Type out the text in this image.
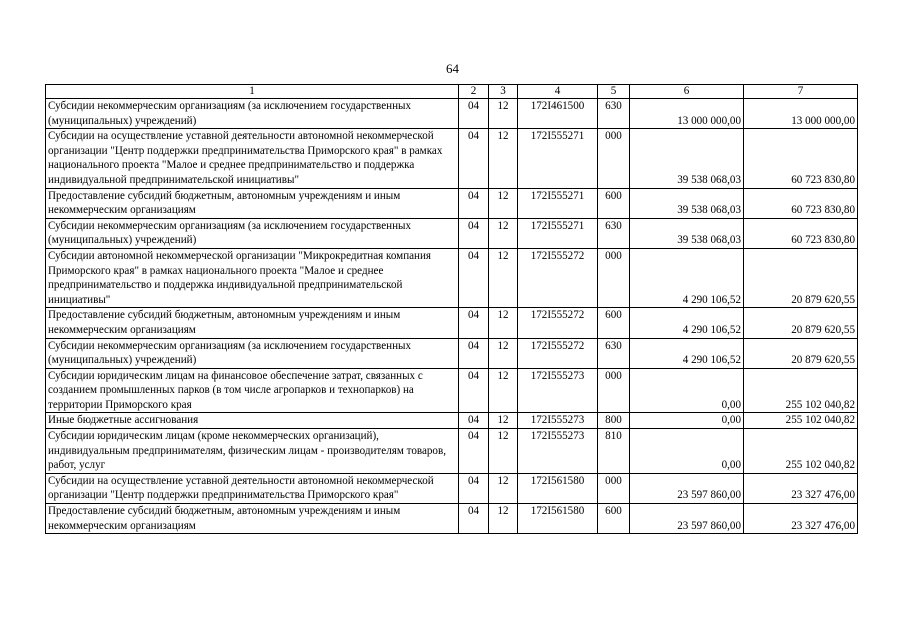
64
1	2	3	4	5	6	7
Субсидии некоммерческим организациям (за исключением государственных (муниципальных) учреждений)	04	12	172I461500	630	13 000 000,00	13 000 000,00
Субсидии на осуществление уставной деятельности автономной некоммерческой организации "Центр поддержки предпринимательства Приморского края" в рамках национального проекта "Малое и среднее предпринимательство и поддержка индивидуальной предпринимательской инициативы"	04	12	172I555271	000	39 538 068,03	60 723 830,80
Предоставление субсидий бюджетным, автономным учреждениям и иным некоммерческим организациям	04	12	172I555271	600	39 538 068,03	60 723 830,80
Субсидии некоммерческим организациям (за исключением государственных (муниципальных) учреждений)	04	12	172I555271	630	39 538 068,03	60 723 830,80
Субсидии автономной некоммерческой организации "Микрокредитная компания Приморского края" в рамках национального проекта "Малое и среднее предпринимательство и поддержка индивидуальной предпринимательской инициативы"	04	12	172I555272	000	4 290 106,52	20 879 620,55
Предоставление субсидий бюджетным, автономным учреждениям и иным некоммерческим организациям	04	12	172I555272	600	4 290 106,52	20 879 620,55
Субсидии некоммерческим организациям (за исключением государственных (муниципальных) учреждений)	04	12	172I555272	630	4 290 106,52	20 879 620,55
Субсидии юридическим лицам на финансовое обеспечение затрат, связанных с созданием промышленных парков (в том числе агропарков и технопарков) на территории Приморского края	04	12	172I555273	000	0,00	255 102 040,82
Иные бюджетные ассигнования	04	12	172I555273	800	0,00	255 102 040,82
Субсидии юридическим лицам (кроме некоммерческих организаций), индивидуальным предпринимателям, физическим лицам - производителям товаров, работ, услуг	04	12	172I555273	810	0,00	255 102 040,82
Субсидии на осуществление уставной деятельности автономной некоммерческой организации "Центр поддержки предпринимательства Приморского края"	04	12	172I561580	000	23 597 860,00	23 327 476,00
Предоставление субсидий бюджетным, автономным учреждениям и иным некоммерческим организациям	04	12	172I561580	600	23 597 860,00	23 327 476,00
